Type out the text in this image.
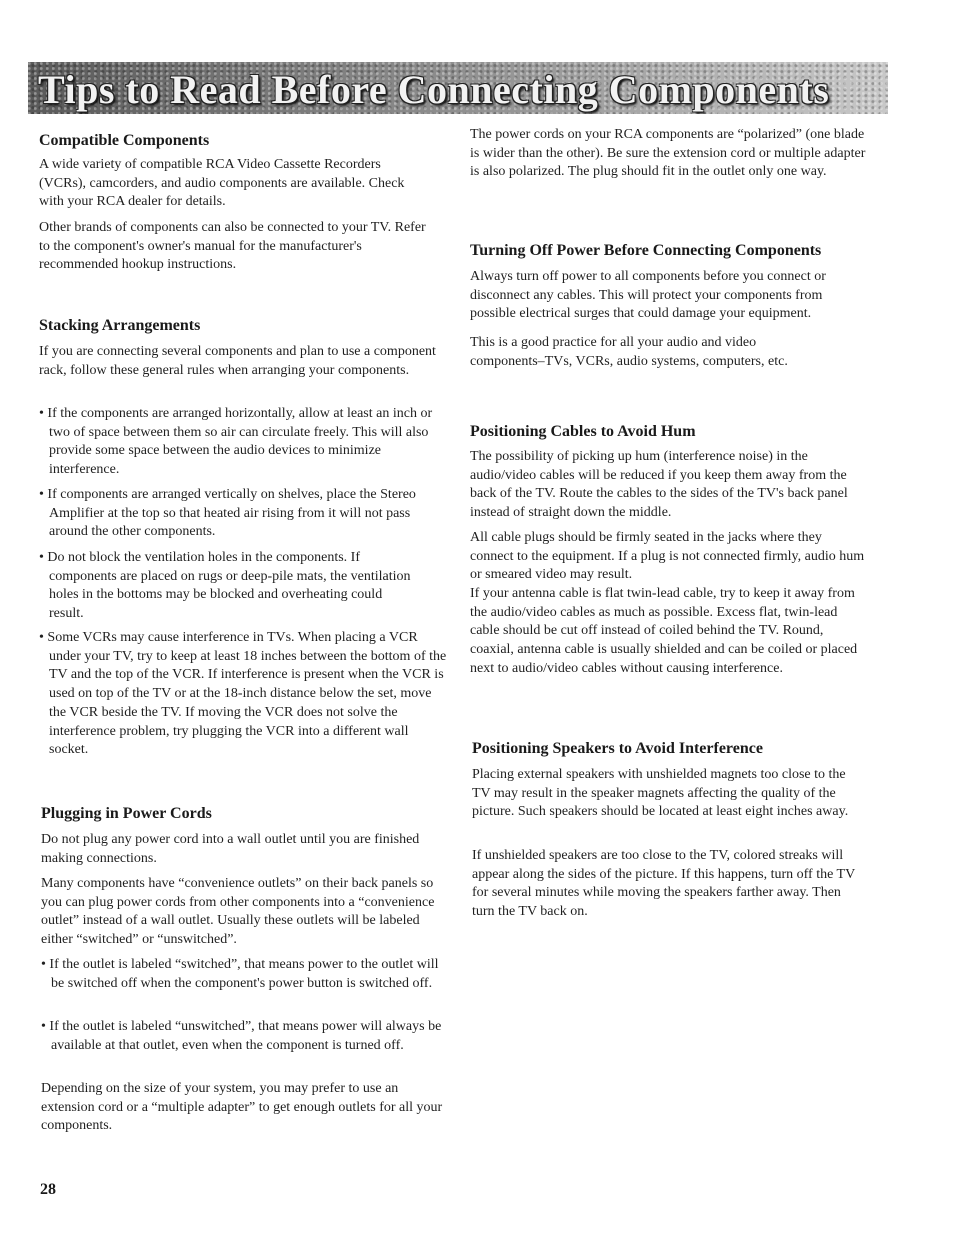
Tips to Read Before Connecting Components
Compatible Components

A wide variety of compatible RCA Video Cassette Recorders (VCRs), camcorders, and audio components are available. Check with your RCA dealer for details.

Other brands of components can also be connected to your TV. Refer to the component's owner's manual for the manufacturer's recommended hookup instructions.

Stacking Arrangements

If you are connecting several components and plan to use a component rack, follow these general rules when arranging your components.

• If the components are arranged horizontally, allow at least an inch or two of space between them so air can circulate freely. This will also provide some space between the audio devices to minimize interference.

• If components are arranged vertically on shelves, place the Stereo Amplifier at the top so that heated air rising from it will not pass around the other components.

• Do not block the ventilation holes in the components. If components are placed on rugs or deep-pile mats, the ventilation holes in the bottoms may be blocked and overheating could result.

• Some VCRs may cause interference in TVs. When placing a VCR under your TV, try to keep at least 18 inches between the bottom of the TV and the top of the VCR. If interference is present when the VCR is used on top of the TV or at the 18-inch distance below the set, move the VCR beside the TV. If moving the VCR does not solve the interference problem, try plugging the VCR into a different wall socket.

Plugging in Power Cords

Do not plug any power cord into a wall outlet until you are finished making connections.

Many components have “convenience outlets” on their back panels so you can plug power cords from other components into a “convenience outlet” instead of a wall outlet. Usually these outlets will be labeled either “switched” or “unswitched”.

• If the outlet is labeled “switched”, that means power to the outlet will be switched off when the component's power button is switched off.

• If the outlet is labeled “unswitched”, that means power will always be available at that outlet, even when the component is turned off.

Depending on the size of your system, you may prefer to use an extension cord or a “multiple adapter” to get enough outlets for all your components.

The power cords on your RCA components are “polarized” (one blade is wider than the other). Be sure the extension cord or multiple adapter is also polarized. The plug should fit in the outlet only one way.

Turning Off Power Before Connecting Components

Always turn off power to all components before you connect or disconnect any cables. This will protect your components from possible electrical surges that could damage your equipment.

This is a good practice for all your audio and video components–TVs, VCRs, audio systems, computers, etc.

Positioning Cables to Avoid Hum

The possibility of picking up hum (interference noise) in the audio/video cables will be reduced if you keep them away from the back of the TV. Route the cables to the sides of the TV's back panel instead of straight down the middle.

All cable plugs should be firmly seated in the jacks where they connect to the equipment. If a plug is not connected firmly, audio hum or smeared video may result.

If your antenna cable is flat twin-lead cable, try to keep it away from the audio/video cables as much as possible. Excess flat, twin-lead cable should be cut off instead of coiled behind the TV. Round, coaxial, antenna cable is usually shielded and can be coiled or placed next to audio/video cables without causing interference.

Positioning Speakers to Avoid Interference

Placing external speakers with unshielded magnets too close to the TV may result in the speaker magnets affecting the quality of the picture. Such speakers should be located at least eight inches away.

If unshielded speakers are too close to the TV, colored streaks will appear along the sides of the picture. If this happens, turn off the TV for several minutes while moving the speakers farther away. Then turn the TV back on.

28
